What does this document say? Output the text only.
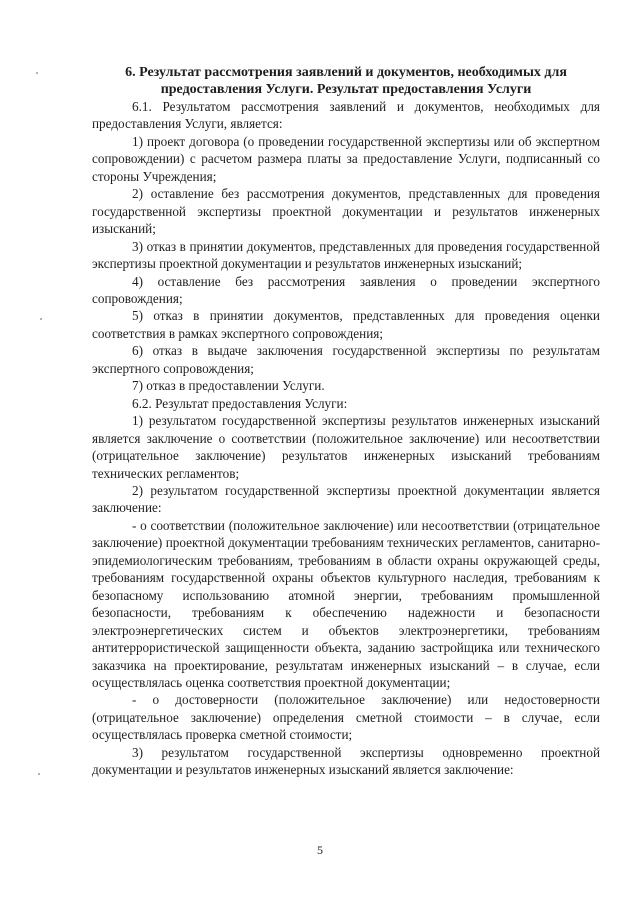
6. Результат рассмотрения заявлений и документов, необходимых для
предоставления Услуги. Результат предоставления Услуги

6.1. Результатом рассмотрения заявлений и документов, необходимых для предоставления Услуги, является:

1) проект договора (о проведении государственной экспертизы или об экспертном сопровождении) с расчетом размера платы за предоставление Услуги, подписанный со стороны Учреждения;

2) оставление без рассмотрения документов, представленных для проведения государственной экспертизы проектной документации и результатов инженерных изысканий;

3) отказ в принятии документов, представленных для проведения государственной экспертизы проектной документации и результатов инженерных изысканий;

4) оставление без рассмотрения заявления о проведении экспертного сопровождения;

5) отказ в принятии документов, представленных для проведения оценки соответствия в рамках экспертного сопровождения;

6) отказ в выдаче заключения государственной экспертизы по результатам экспертного сопровождения;

7) отказ в предоставлении Услуги.

6.2. Результат предоставления Услуги:

1) результатом государственной экспертизы результатов инженерных изысканий является заключение о соответствии (положительное заключение) или несоответствии (отрицательное заключение) результатов инженерных изысканий требованиям технических регламентов;

2) результатом государственной экспертизы проектной документации является заключение:

- о соответствии (положительное заключение) или несоответствии (отрицательное заключение) проектной документации требованиям технических регламентов, санитарно-эпидемиологическим требованиям, требованиям в области охраны окружающей среды, требованиям государственной охраны объектов культурного наследия, требованиям к безопасному использованию атомной энергии, требованиям промышленной безопасности, требованиям к обеспечению надежности и безопасности электроэнергетических систем и объектов электроэнергетики, требованиям антитеррористической защищенности объекта, заданию застройщика или технического заказчика на проектирование, результатам инженерных изысканий – в случае, если осуществлялась оценка соответствия проектной документации;

- о достоверности (положительное заключение) или недостоверности (отрицательное заключение) определения сметной стоимости – в случае, если осуществлялась проверка сметной стоимости;

3) результатом государственной экспертизы одновременно проектной документации и результатов инженерных изысканий является заключение:

5
